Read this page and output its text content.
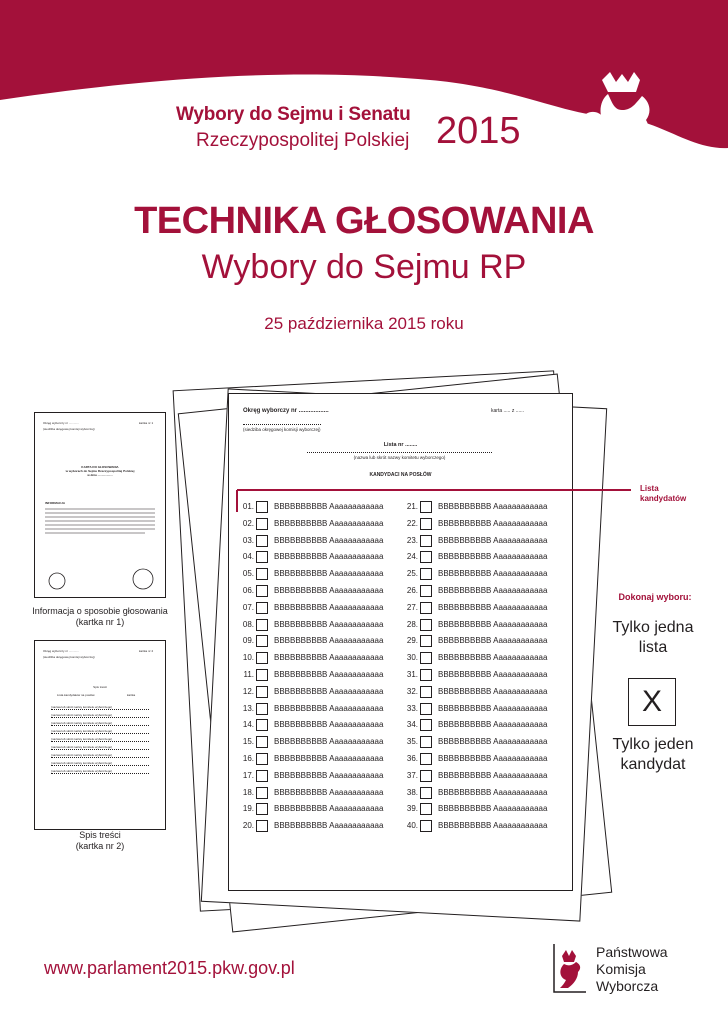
Wybory do Sejmu i Senatu
Rzeczypospolitej Polskiej 2015
TECHNIKA GŁOSOWANIA
Wybory do Sejmu RP
25 października 2015 roku
Okręg wyborczy nr ..................	karta ..... z ......
(siedziba okręgowej komisji wyborczej)
Lista nr ........
(nazwa lub skrót nazwy komitetu wyborczego)
KANDYDACI NA POSŁÓW
01.	BBBBBBBBBB Aaaaaaaaaaaa	21.	BBBBBBBBBB Aaaaaaaaaaaa
02.	BBBBBBBBBB Aaaaaaaaaaaa	22.	BBBBBBBBBB Aaaaaaaaaaaa
03.	BBBBBBBBBB Aaaaaaaaaaaa	23.	BBBBBBBBBB Aaaaaaaaaaaa
04.	BBBBBBBBBB Aaaaaaaaaaaa	24.	BBBBBBBBBB Aaaaaaaaaaaa
05.	BBBBBBBBBB Aaaaaaaaaaaa	25.	BBBBBBBBBB Aaaaaaaaaaaa
06.	BBBBBBBBBB Aaaaaaaaaaaa	26.	BBBBBBBBBB Aaaaaaaaaaaa
07.	BBBBBBBBBB Aaaaaaaaaaaa	27.	BBBBBBBBBB Aaaaaaaaaaaa
08.	BBBBBBBBBB Aaaaaaaaaaaa	28.	BBBBBBBBBB Aaaaaaaaaaaa
09.	BBBBBBBBBB Aaaaaaaaaaaa	29.	BBBBBBBBBB Aaaaaaaaaaaa
10.	BBBBBBBBBB Aaaaaaaaaaaa	30.	BBBBBBBBBB Aaaaaaaaaaaa
11.	BBBBBBBBBB Aaaaaaaaaaaa	31.	BBBBBBBBBB Aaaaaaaaaaaa
12.	BBBBBBBBBB Aaaaaaaaaaaa	32.	BBBBBBBBBB Aaaaaaaaaaaa
13.	BBBBBBBBBB Aaaaaaaaaaaa	33.	BBBBBBBBBB Aaaaaaaaaaaa
14.	BBBBBBBBBB Aaaaaaaaaaaa	34.	BBBBBBBBBB Aaaaaaaaaaaa
15.	BBBBBBBBBB Aaaaaaaaaaaa	35.	BBBBBBBBBB Aaaaaaaaaaaa
16.	BBBBBBBBBB Aaaaaaaaaaaa	36.	BBBBBBBBBB Aaaaaaaaaaaa
17.	BBBBBBBBBB Aaaaaaaaaaaa	37.	BBBBBBBBBB Aaaaaaaaaaaa
18.	BBBBBBBBBB Aaaaaaaaaaaa	38.	BBBBBBBBBB Aaaaaaaaaaaa
19.	BBBBBBBBBB Aaaaaaaaaaaa	39.	BBBBBBBBBB Aaaaaaaaaaaa
20.	BBBBBBBBBB Aaaaaaaaaaaa	40.	BBBBBBBBBB Aaaaaaaaaaaa
Lista
kandydatów
Okręg wyborczy nr ............	kartka nr 1
(siedziba okręgowej komisji wyborczej)
KARTA DO GŁOSOWANIA
w wyborach do Sejmu Rzeczypospolitej Polskiej
w dniu ..................
INFORMACJA
Informacja o sposobie głosowania
(kartka nr 1)
Okręg wyborczy nr ............	kartka nr 2
(siedziba okręgowej komisji wyborczej)
Spis treści
Lista kandydatów na posłów	kartka
(nazwa lub skrót nazwy komitetu wyborczego)
(nazwa lub skrót nazwy komitetu wyborczego)
(nazwa lub skrót nazwy komitetu wyborczego)
(nazwa lub skrót nazwy komitetu wyborczego)
(nazwa lub skrót nazwy komitetu wyborczego)
(nazwa lub skrót nazwy komitetu wyborczego)
(nazwa lub skrót nazwy komitetu wyborczego)
(nazwa lub skrót nazwy komitetu wyborczego)
(nazwa lub skrót nazwy komitetu wyborczego)
Spis treści
(kartka nr 2)
Dokonaj wyboru:
Tylko jedna
lista
X
Tylko jeden
kandydat
www.parlament2015.pkw.gov.pl
Państwowa
Komisja
Wyborcza
